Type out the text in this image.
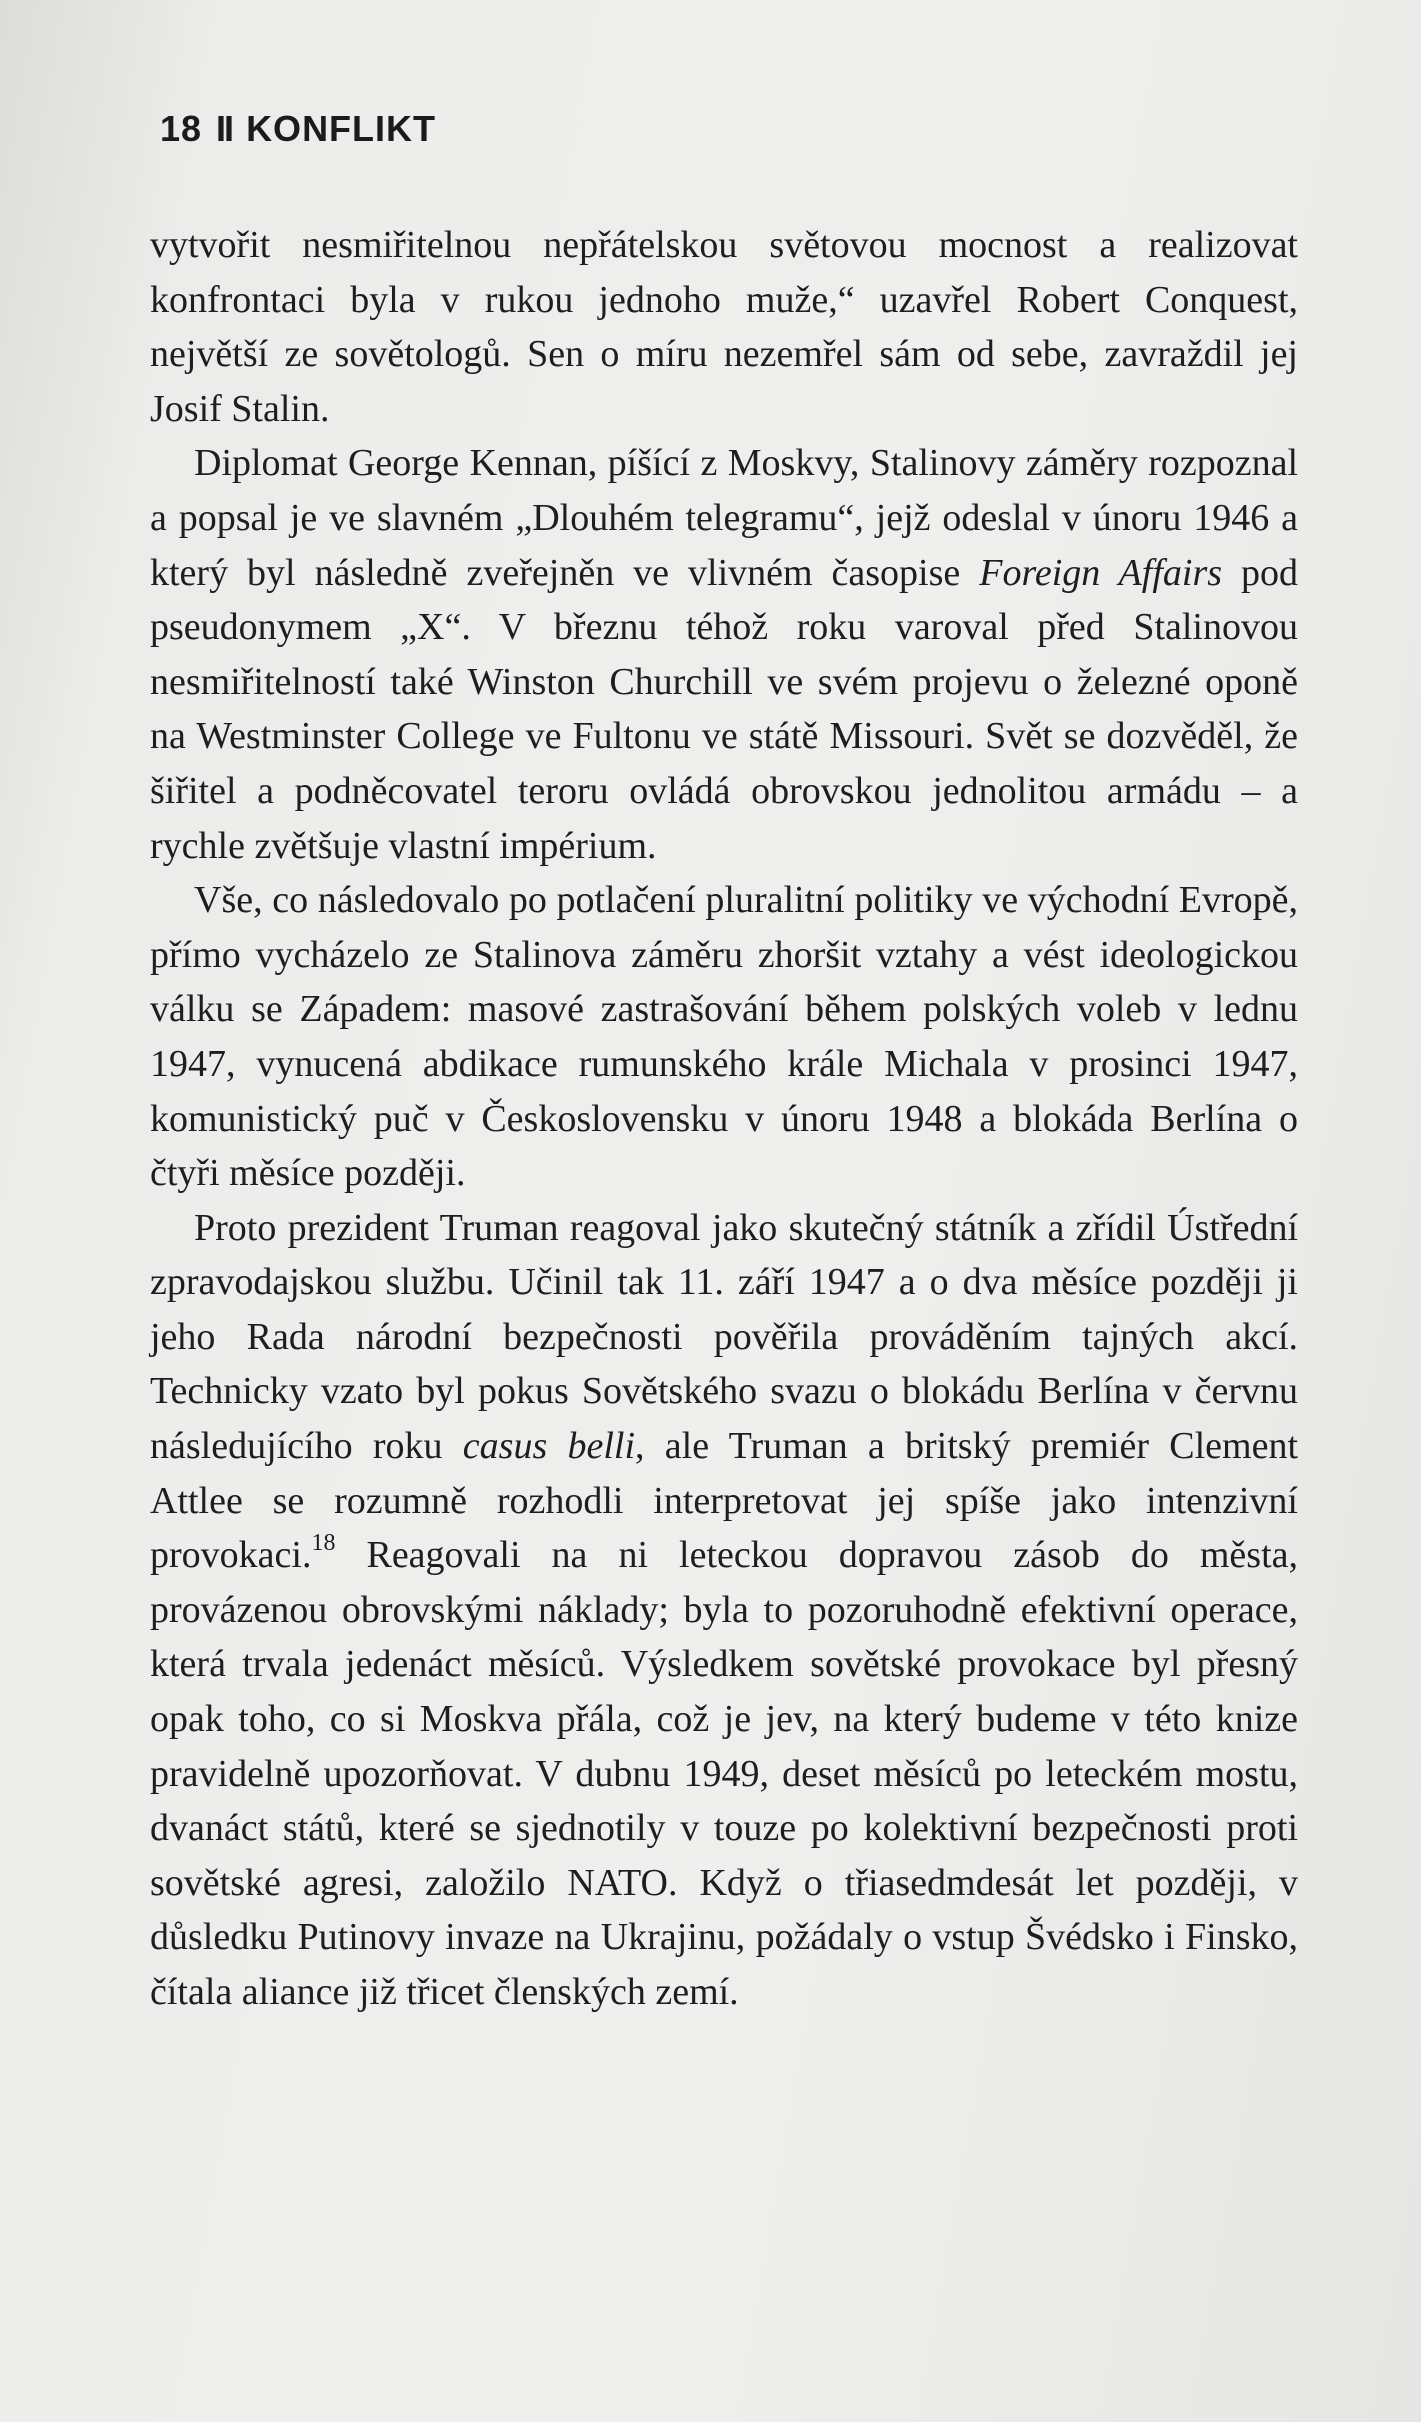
18 II KONFLIKT

vytvořit nesmiřitelnou nepřátelskou světovou mocnost a realizovat konfrontaci byla v rukou jednoho muže,“ uzavřel Robert Conquest, největší ze sovětologů. Sen o míru nezemřel sám od sebe, zavraždil jej Josif Stalin.

Diplomat George Kennan, píšící z Moskvy, Stalinovy záměry rozpoznal a popsal je ve slavném „Dlouhém telegramu“, jejž odeslal v únoru 1946 a který byl následně zveřejněn ve vlivném časopise Foreign Affairs pod pseudonymem „X“. V březnu téhož roku varoval před Stalinovou nesmiřitelností také Winston Churchill ve svém projevu o železné oponě na Westminster College ve Fultonu ve státě Missouri. Svět se dozvěděl, že šiřitel a podněcovatel teroru ovládá obrovskou jednolitou armádu – a rychle zvětšuje vlastní impérium.

Vše, co následovalo po potlačení pluralitní politiky ve východní Evropě, přímo vycházelo ze Stalinova záměru zhoršit vztahy a vést ideologickou válku se Západem: masové zastrašování během polských voleb v lednu 1947, vynucená abdikace rumunského krále Michala v prosinci 1947, komunistický puč v Československu v únoru 1948 a blokáda Berlína o čtyři měsíce později.

Proto prezident Truman reagoval jako skutečný státník a zřídil Ústřední zpravodajskou službu. Učinil tak 11. září 1947 a o dva měsíce později ji jeho Rada národní bezpečnosti pověřila prováděním tajných akcí. Technicky vzato byl pokus Sovětského svazu o blokádu Berlína v červnu následujícího roku casus belli, ale Truman a britský premiér Clement Attlee se rozumně rozhodli interpretovat jej spíše jako intenzivní provokaci.$^{18}$ Reagovali na ni leteckou dopravou zásob do města, provázenou obrovskými náklady; byla to pozoruhodně efektivní operace, která trvala jedenáct měsíců. Výsledkem sovětské provokace byl přesný opak toho, co si Moskva přála, což je jev, na který budeme v této knize pravidelně upozorňovat. V dubnu 1949, deset měsíců po leteckém mostu, dvanáct států, které se sjednotily v touze po kolektivní bezpečnosti proti sovětské agresi, založilo NATO. Když o třiasedmdesát let později, v důsledku Putinovy invaze na Ukrajinu, požádaly o vstup Švédsko i Finsko, čítala aliance již třicet členských zemí.
